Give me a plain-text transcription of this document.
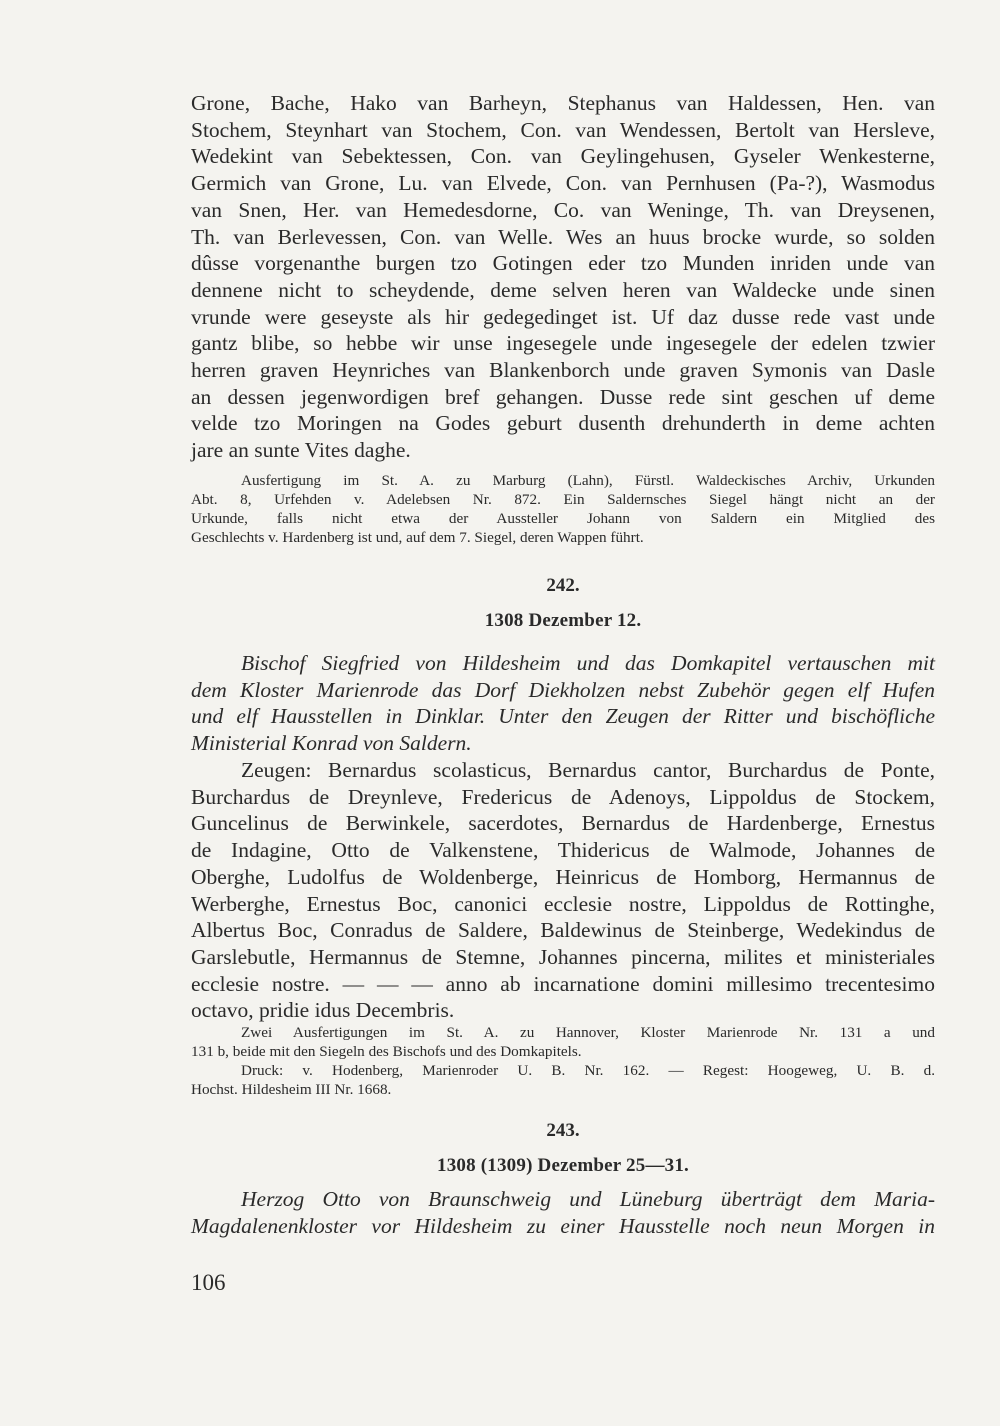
Grone, Bache, Hako van Barheyn, Stephanus van Haldessen, Hen. van
Stochem, Steynhart van Stochem, Con. van Wendessen, Bertolt van Hersleve,
Wedekint van Sebektessen, Con. van Geylingehusen, Gyseler Wenkesterne,
Germich van Grone, Lu. van Elvede, Con. van Pernhusen (Pa-?), Wasmodus
van Snen, Her. van Hemedesdorne, Co. van Weninge, Th. van Dreysenen,
Th. van Berlevessen, Con. van Welle. Wes an huus brocke wurde, so solden
dûsse vorgenanthe burgen tzo Gotingen eder tzo Munden inriden unde van
dennene nicht to scheydende, deme selven heren van Waldecke unde sinen
vrunde were geseyste als hir gedegedinget ist. Uf daz dusse rede vast unde
gantz blibe, so hebbe wir unse ingesegele unde ingesegele der edelen tzwier
herren graven Heynriches van Blankenborch unde graven Symonis van Dasle
an dessen jegenwordigen bref gehangen. Dusse rede sint geschen uf deme
velde tzo Moringen na Godes geburt dusenth drehunderth in deme achten
jare an sunte Vites daghe.

Ausfertigung im St. A. zu Marburg (Lahn), Fürstl. Waldeckisches Archiv, Urkunden
Abt. 8, Urfehden v. Adelebsen Nr. 872. Ein Saldernsches Siegel hängt nicht an der
Urkunde, falls nicht etwa der Aussteller Johann von Saldern ein Mitglied des
Geschlechts v. Hardenberg ist und, auf dem 7. Siegel, deren Wappen führt.

242.
1308 Dezember 12.

Bischof Siegfried von Hildesheim und das Domkapitel vertauschen mit
dem Kloster Marienrode das Dorf Diekholzen nebst Zubehör gegen elf Hufen
und elf Hausstellen in Dinklar. Unter den Zeugen der Ritter und bischöfliche
Ministerial Konrad von Saldern.

Zeugen: Bernardus scolasticus, Bernardus cantor, Burchardus de Ponte,
Burchardus de Dreynleve, Fredericus de Adenoys, Lippoldus de Stockem,
Guncelinus de Berwinkele, sacerdotes, Bernardus de Hardenberge, Ernestus
de Indagine, Otto de Valkenstene, Thidericus de Walmode, Johannes de
Oberghe, Ludolfus de Woldenberge, Heinricus de Homborg, Hermannus de
Werberghe, Ernestus Boc, canonici ecclesie nostre, Lippoldus de Rottinghe,
Albertus Boc, Conradus de Saldere, Baldewinus de Steinberge, Wedekindus de
Garslebutle, Hermannus de Stemne, Johannes pincerna, milites et ministeriales
ecclesie nostre. — — — anno ab incarnatione domini millesimo trecentesimo
octavo, pridie idus Decembris.

Zwei Ausfertigungen im St. A. zu Hannover, Kloster Marienrode Nr. 131 a und
131 b, beide mit den Siegeln des Bischofs und des Domkapitels.
Druck: v. Hodenberg, Marienroder U. B. Nr. 162. — Regest: Hoogeweg, U. B. d.
Hochst. Hildesheim III Nr. 1668.

243.
1308 (1309) Dezember 25—31.

Herzog Otto von Braunschweig und Lüneburg überträgt dem Maria-
Magdalenenkloster vor Hildesheim zu einer Hausstelle noch neun Morgen in

106
